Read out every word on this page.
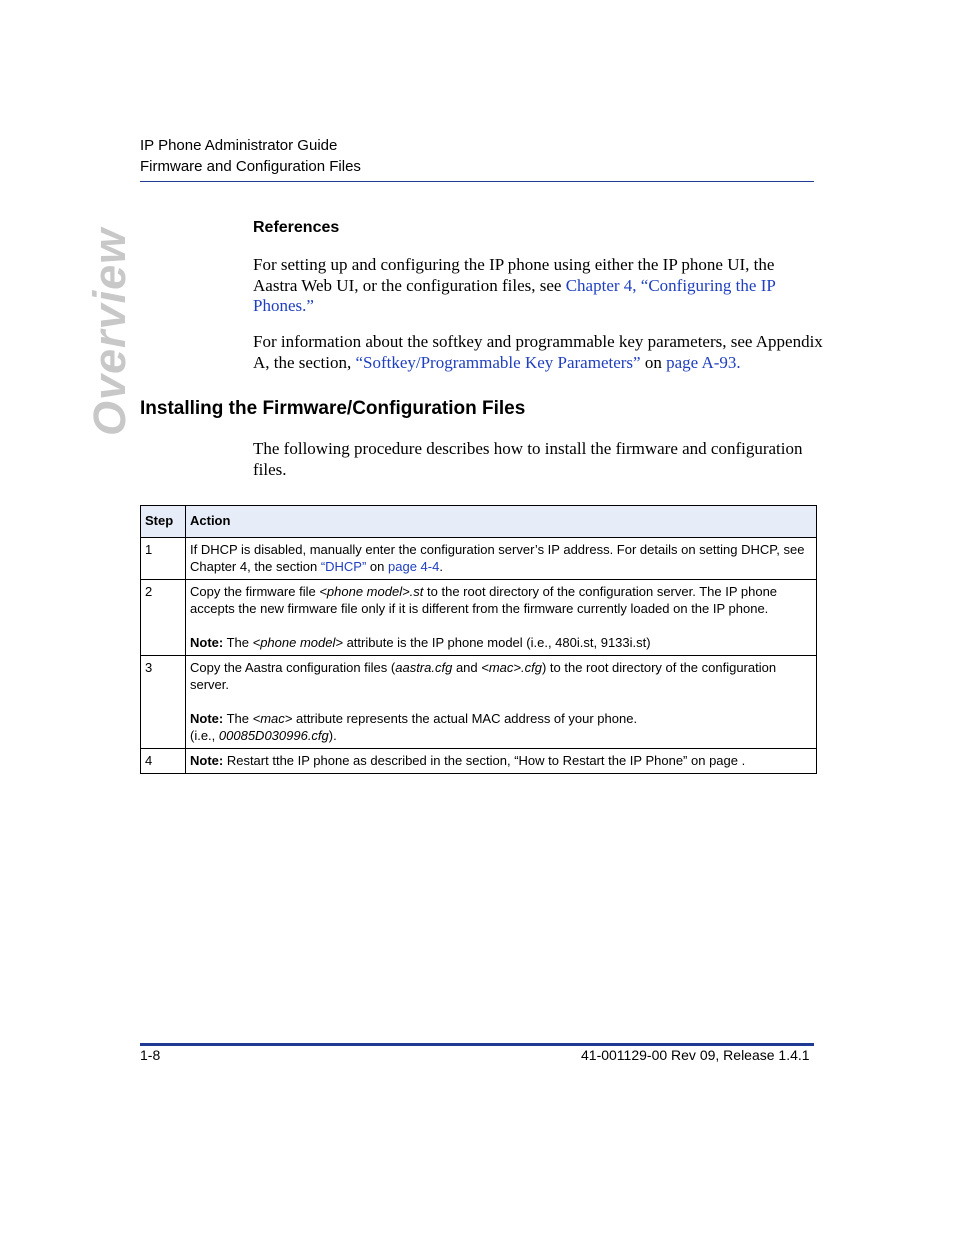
IP Phone Administrator Guide
Firmware and Configuration Files
Overview
References

For setting up and configuring the IP phone using either the IP phone UI, the Aastra Web UI, or the configuration files, see Chapter 4, “Configuring the IP Phones.”

For information about the softkey and programmable key parameters, see Appendix A, the section, “Softkey/Programmable Key Parameters” on page A-93.

Installing the Firmware/Configuration Files

The following procedure describes how to install the firmware and configuration files.

Step	Action
1	If DHCP is disabled, manually enter the configuration server’s IP address. For details on setting DHCP, see Chapter 4, the section “DHCP” on page 4-4.
2	Copy the firmware file <phone model>.st to the root directory of the configuration server. The IP phone accepts the new firmware file only if it is different from the firmware currently loaded on the IP phone.
Note: The <phone model> attribute is the IP phone model (i.e., 480i.st, 9133i.st)

3	Copy the Aastra configuration files (aastra.cfg and <mac>.cfg) to the root directory of the configuration server.
Note: The <mac> attribute represents the actual MAC address of your phone.
(i.e., 00085D030996.cfg).

4	Note: Restart tthe IP phone as described in the section, “How to Restart the IP Phone” on page .
1-8	41-001129-00 Rev 09, Release 1.4.1
